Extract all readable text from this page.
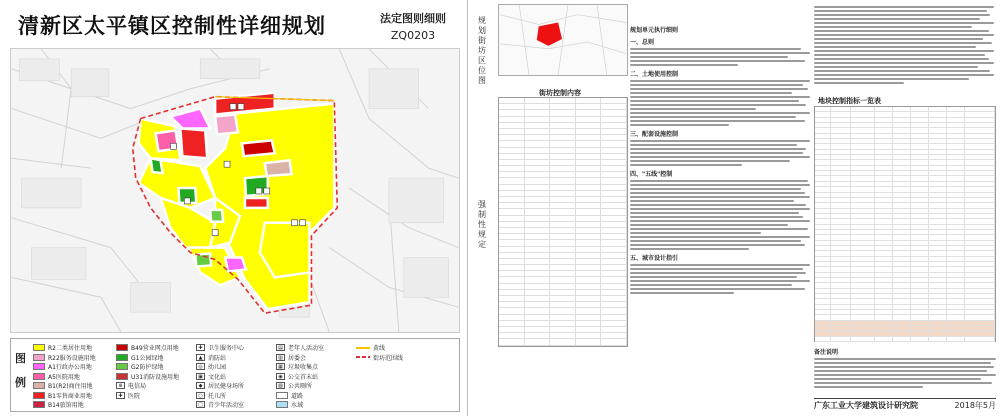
清新区太平镇区控制性详细规划	法定图则细则
ZQ0203
图例
R2二类居住用地
R22服务设施用地
A1行政办公用地
A5医院用地
B1(R2)商住用地
B1零售商业用地
B14旅馆用地
B49营业网点用地
G1公园绿地
G2防护绿地
U31消防设施用地
⊕ 电信局
✚ 医院
✚ 卫生服务中心
▲ 消防站
◎ 幼儿园
▣ 文化站
◆ 居民健身场所
○ 托儿所
□ 青少年活动室
▤ 老年人活动室
▥ 居委会
▦ 垃圾收集点
◉ 公交首末站
▧ 公共厕所
道路
水域
黄线
街坊范围线
规划街坊区位图
强制性规定
街坊控制内容
规划单元执行细则
一、总则
二、土地使用控制
三、配套设施控制
四、"五线"控制
五、城市设计指引
地块控制指标一览表
备注说明
广东工业大学建筑设计研究院	2018年5月
